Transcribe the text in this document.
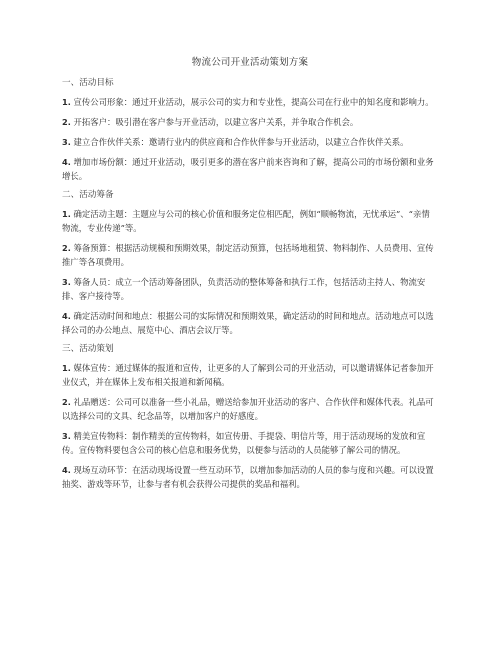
物流公司开业活动策划方案
一、活动目标

1. 宣传公司形象：通过开业活动，展示公司的实力和专业性，提高公司在行业中的知名度和影响力。

2. 开拓客户：吸引潜在客户参与开业活动，以建立客户关系，并争取合作机会。

3. 建立合作伙伴关系：邀请行业内的供应商和合作伙伴参与开业活动，以建立合作伙伴关系。

4. 增加市场份额：通过开业活动，吸引更多的潜在客户前来咨询和了解，提高公司的市场份额和业务增长。

二、活动筹备

1. 确定活动主题：主题应与公司的核心价值和服务定位相匹配，例如“顺畅物流，无忧承运”、“亲情物流，专业传递”等。

2. 筹备预算：根据活动规模和预期效果，制定活动预算，包括场地租赁、物料制作、人员费用、宣传推广等各项费用。

3. 筹备人员：成立一个活动筹备团队，负责活动的整体筹备和执行工作，包括活动主持人、物流安排、客户接待等。

4. 确定活动时间和地点：根据公司的实际情况和预期效果，确定活动的时间和地点。活动地点可以选择公司的办公地点、展览中心、酒店会议厅等。

三、活动策划

1. 媒体宣传：通过媒体的报道和宣传，让更多的人了解到公司的开业活动，可以邀请媒体记者参加开业仪式，并在媒体上发布相关报道和新闻稿。

2. 礼品赠送：公司可以准备一些小礼品，赠送给参加开业活动的客户、合作伙伴和媒体代表。礼品可以选择公司的文具、纪念品等，以增加客户的好感度。

3. 精美宣传物料：制作精美的宣传物料，如宣传册、手提袋、明信片等，用于活动现场的发放和宣传。宣传物料要包含公司的核心信息和服务优势，以便参与活动的人员能够了解公司的情况。

4. 现场互动环节：在活动现场设置一些互动环节，以增加参加活动的人员的参与度和兴趣。可以设置抽奖、游戏等环节，让参与者有机会获得公司提供的奖品和福利。
